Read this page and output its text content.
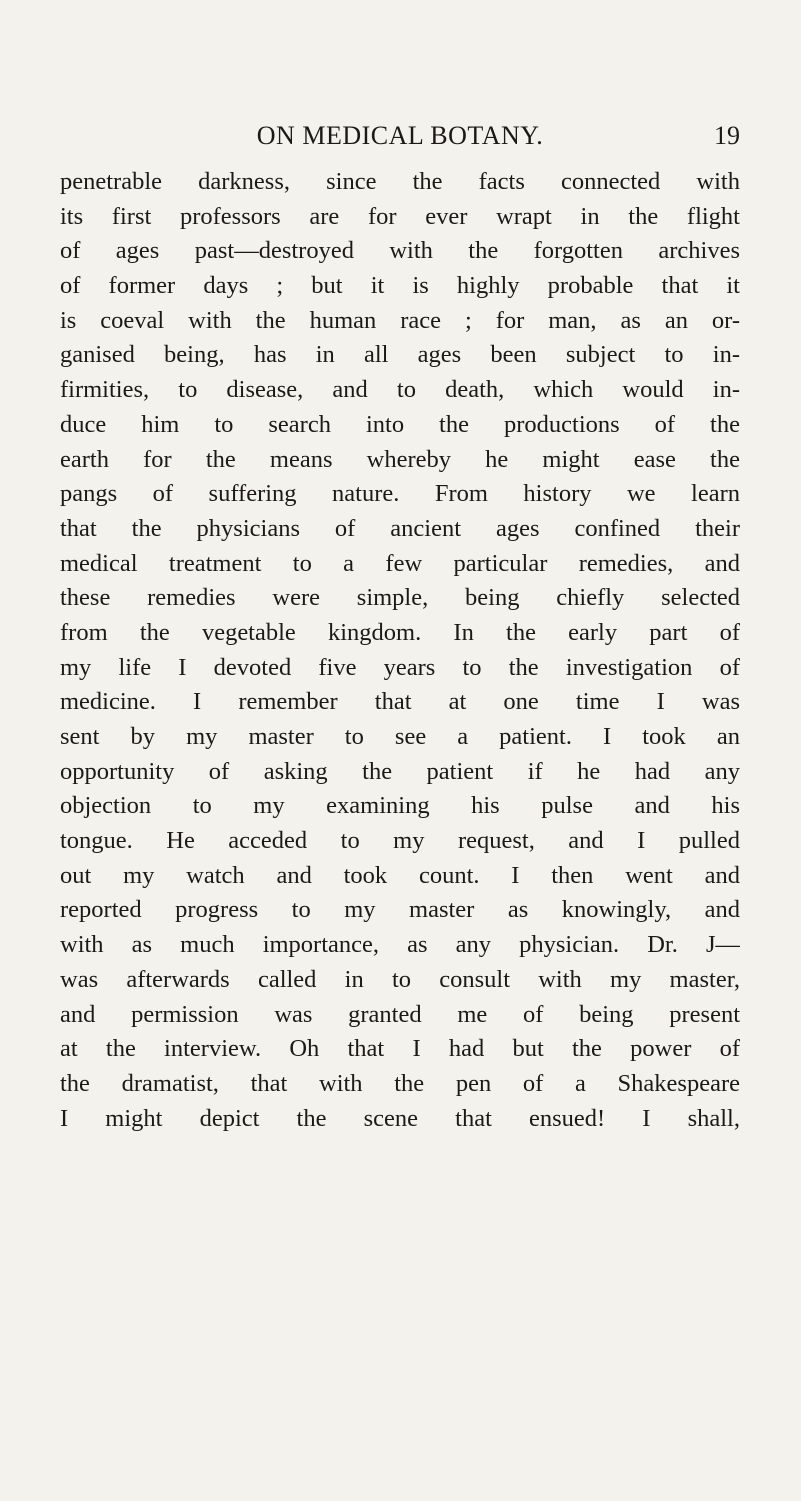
ON MEDICAL BOTANY.	19
penetrable darkness, since the facts connected with
its first professors are for ever wrapt in the flight
of ages past—destroyed with the forgotten archives
of former days ; but it is highly probable that it
is coeval with the human race ; for man, as an or-
ganised being, has in all ages been subject to in-
firmities, to disease, and to death, which would in-
duce him to search into the productions of the
earth for the means whereby he might ease the
pangs of suffering nature. From history we learn
that the physicians of ancient ages confined their
medical treatment to a few particular remedies, and
these remedies were simple, being chiefly selected
from the vegetable kingdom. In the early part of
my life I devoted five years to the investigation of
medicine. I remember that at one time I was
sent by my master to see a patient. I took an
opportunity of asking the patient if he had any
objection to my examining his pulse and his
tongue. He acceded to my request, and I pulled
out my watch and took count. I then went and
reported progress to my master as knowingly, and
with as much importance, as any physician. Dr. J—
was afterwards called in to consult with my master,
and permission was granted me of being present
at the interview. Oh that I had but the power of
the dramatist, that with the pen of a Shakespeare
I might depict the scene that ensued! I shall,
